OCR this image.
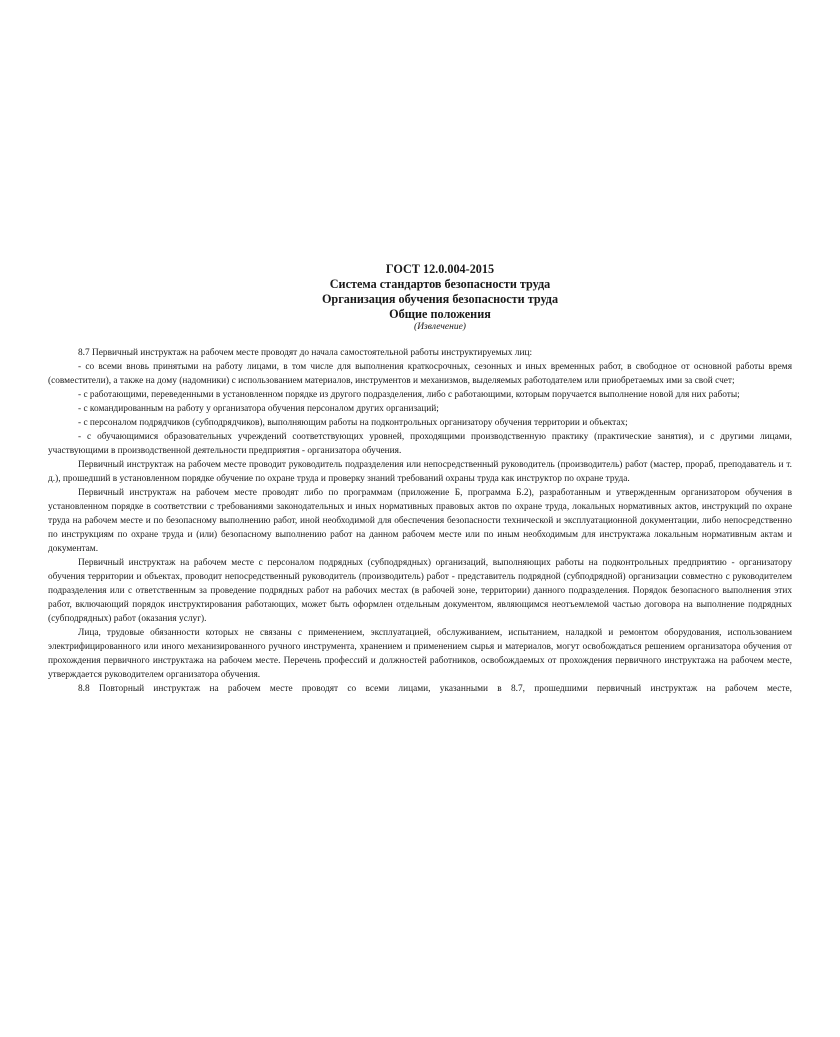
ГОСТ 12.0.004-2015
Система стандартов безопасности труда
Организация обучения безопасности труда
Общие положения
(Извлечение)

8.7 Первичный инструктаж на рабочем месте проводят до начала самостоятельной работы инструктируемых лиц:

- со всеми вновь принятыми на работу лицами, в том числе для выполнения краткосрочных, сезонных и иных временных работ, в свободное от основной работы время (совместители), а также на дому (надомники) с использованием материалов, инструментов и механизмов, выделяемых работодателем или приобретаемых ими за свой счет;

- с работающими, переведенными в установленном порядке из другого подразделения, либо с работающими, которым поручается выполнение новой для них работы;

- с командированным на работу у организатора обучения персоналом других организаций;

- с персоналом подрядчиков (субподрядчиков), выполняющим работы на подконтрольных организатору обучения территории и объектах;

- с обучающимися образовательных учреждений соответствующих уровней, проходящими производственную практику (практические занятия), и с другими лицами, участвующими в производственной деятельности предприятия - организатора обучения.

Первичный инструктаж на рабочем месте проводит руководитель подразделения или непосредственный руководитель (производитель) работ (мастер, прораб, преподаватель и т. д.), прошедший в установленном порядке обучение по охране труда и проверку знаний требований охраны труда как инструктор по охране труда.

Первичный инструктаж на рабочем месте проводят либо по программам (приложение Б, программа Б.2), разработанным и утвержденным организатором обучения в установленном порядке в соответствии с требованиями законодательных и иных нормативных правовых актов по охране труда, локальных нормативных актов, инструкций по охране труда на рабочем месте и по безопасному выполнению работ, иной необходимой для обеспечения безопасности технической и эксплуатационной документации, либо непосредственно по инструкциям по охране труда и (или) безопасному выполнению работ на данном рабочем месте или по иным необходимым для инструктажа локальным нормативным актам и документам.

Первичный инструктаж на рабочем месте с персоналом подрядных (субподрядных) организаций, выполняющих работы на подконтрольных предприятию - организатору обучения территории и объектах, проводит непосредственный руководитель (производитель) работ - представитель подрядной (субподрядной) организации совместно с руководителем подразделения или с ответственным за проведение подрядных работ на рабочих местах (в рабочей зоне, территории) данного подразделения. Порядок безопасного выполнения этих работ, включающий порядок инструктирования работающих, может быть оформлен отдельным документом, являющимся неотъемлемой частью договора на выполнение подрядных (субподрядных) работ (оказания услуг).

Лица, трудовые обязанности которых не связаны с применением, эксплуатацией, обслуживанием, испытанием, наладкой и ремонтом оборудования, использованием электрифицированного или иного механизированного ручного инструмента, хранением и применением сырья и материалов, могут освобождаться решением организатора обучения от прохождения первичного инструктажа на рабочем месте. Перечень профессий и должностей работников, освобождаемых от прохождения первичного инструктажа на рабочем месте, утверждается руководителем организатора обучения.

8.8 Повторный инструктаж на рабочем месте проводят со всеми лицами, указанными в 8.7, прошедшими первичный инструктаж на рабочем месте,
